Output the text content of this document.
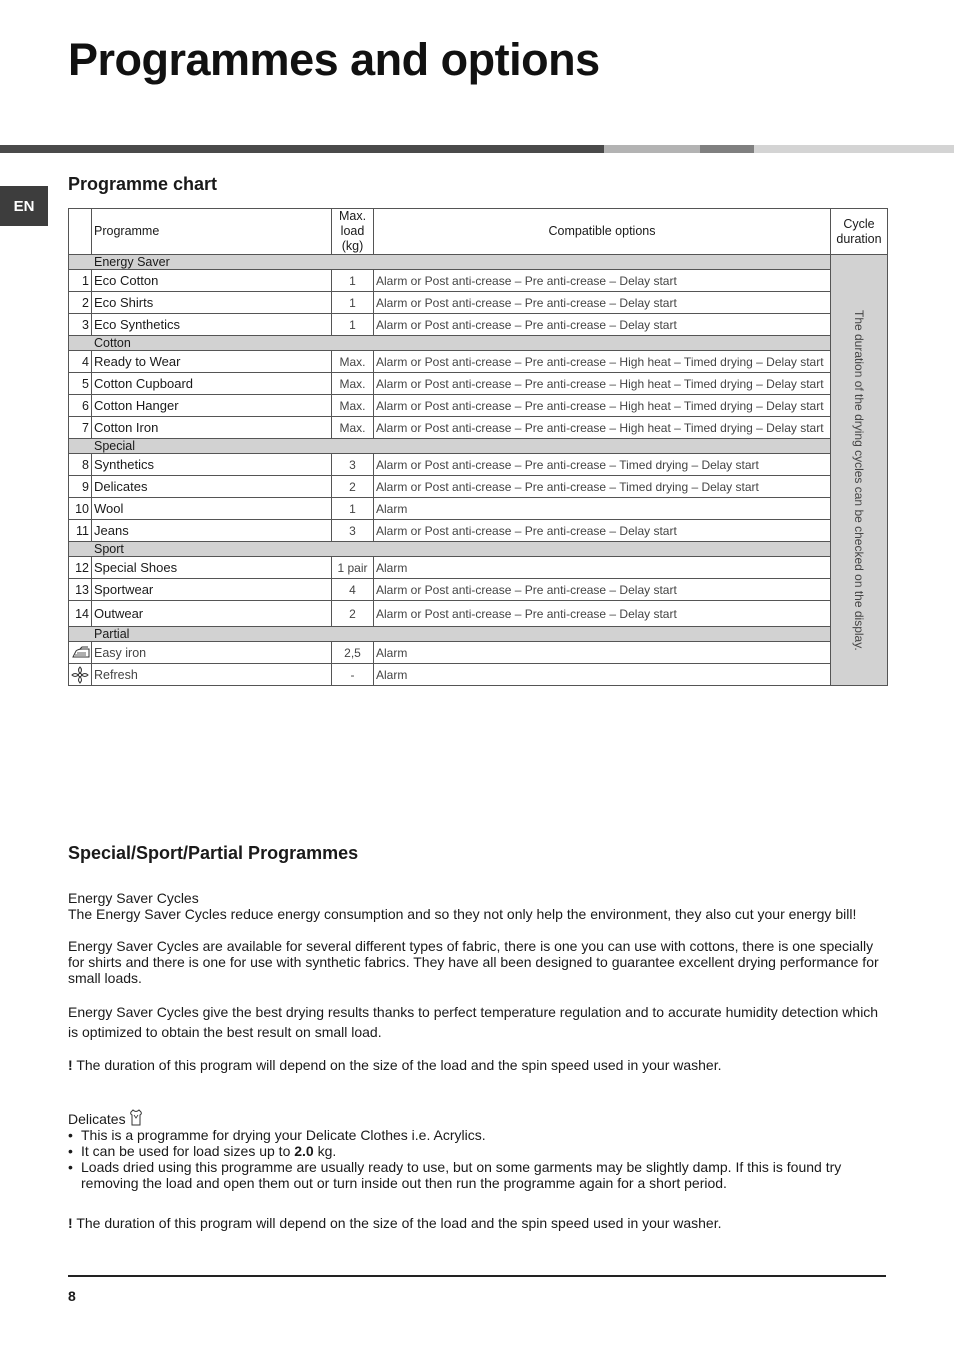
Programmes and options
EN
Programme chart
	Programme	Max. load (kg)	Compatible options	Cycle duration
Energy Saver				The duration of the drying cycles can be checked on the display.

1	Eco Cotton	1	Alarm or Post anti-crease – Pre anti-crease – Delay start	
2	Eco Shirts	1	Alarm or Post anti-crease – Pre anti-crease – Delay start	
3	Eco Synthetics	1	Alarm or Post anti-crease – Pre anti-crease – Delay start	
Cotton				
4	Ready to Wear	Max.	Alarm or Post anti-crease – Pre anti-crease – High heat – Timed drying – Delay start	
5	Cotton Cupboard	Max.	Alarm or Post anti-crease – Pre anti-crease – High heat – Timed drying – Delay start	
6	Cotton Hanger	Max.	Alarm or Post anti-crease – Pre anti-crease – High heat – Timed drying – Delay start	
7	Cotton Iron	Max.	Alarm or Post anti-crease – Pre anti-crease – High heat – Timed drying – Delay start	
Special				
8	Synthetics	3	Alarm or Post anti-crease – Pre anti-crease – Timed drying – Delay start	
9	Delicates	2	Alarm or Post anti-crease – Pre anti-crease – Timed drying – Delay start	
10	Wool	1	Alarm	
11	Jeans	3	Alarm or Post anti-crease – Pre anti-crease – Delay start	
Sport				
12	Special Shoes	1 pair	Alarm	
13	Sportwear	4	Alarm or Post anti-crease – Pre anti-crease – Delay start	
14	Outwear	2	Alarm or Post anti-crease – Pre anti-crease – Delay start	
Partial				

	Easy iron	2,5	Alarm	

	Refresh	-	Alarm	
Special/Sport/Partial Programmes

Energy Saver Cycles

The Energy Saver Cycles reduce energy consumption and so they not only help the environment, they also cut your energy bill!

Energy Saver Cycles are available for several different types of fabric, there is one you can use with cottons, there is one specially for shirts and there is one for use with synthetic fabrics. They have all been designed to guarantee excellent drying performance for small loads.

Energy Saver Cycles give the best drying results thanks to perfect temperature regulation and to accurate humidity detection which is optimized to obtain the best result on small load.

! The duration of this program will depend on the size of the load and the spin speed used in your washer.

Delicates

• This is a programme for drying your Delicate Clothes i.e. Acrylics.
• It can be used for load sizes up to 2.0 kg.
• Loads dried using this programme are usually ready to use, but on some garments may be slightly damp. If this is found try removing the load and open them out or turn inside out then run the programme again for a short period.

! The duration of this program will depend on the size of the load and the spin speed used in your washer.

8
